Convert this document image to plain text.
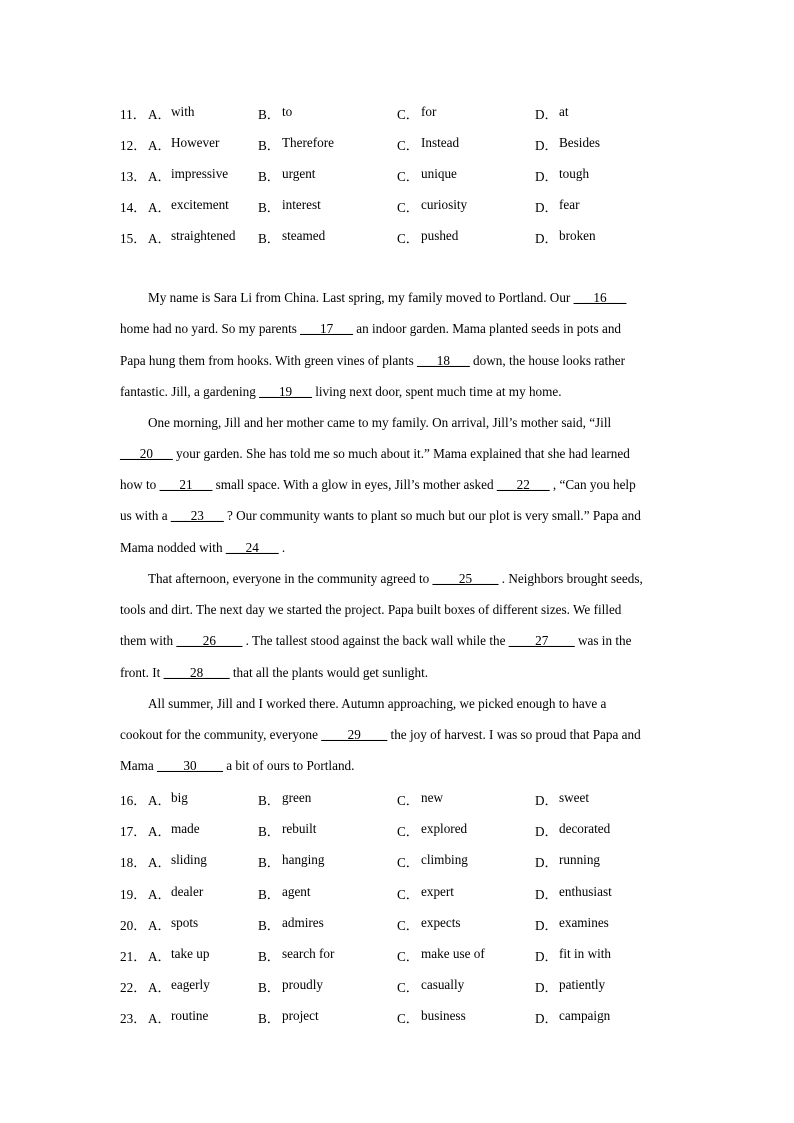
11． A． with	B． to	C． for	D． at
12． A． However	B． Therefore	C． Instead	D． Besides
13． A． impressive B． urgent	C． unique	D． tough
14． A． excitement B． interest	C． curiosity	D． fear
15． A． straightened B． steamed	C． pushed	D． broken
My name is Sara Li from China. Last spring, my family moved to Portland. Our ___16___
home had no yard. So my parents ___17___ an indoor garden. Mama planted seeds in pots and
Papa hung them from hooks. With green vines of plants ___18___ down, the house looks rather
fantastic. Jill, a gardening ___19___ living next door, spent much time at my home.
One morning, Jill and her mother came to my family. On arrival, Jill’s mother said, “Jill
___20___ your garden. She has told me so much about it.” Mama explained that she had learned
how to ___21___ small space. With a glow in eyes, Jill’s mother asked ___22___ , “Can you help
us with a ___23___ ? Our community wants to plant so much but our plot is very small.” Papa and
Mama nodded with ___24___ .
That afternoon, everyone in the community agreed to ____25____ . Neighbors brought seeds,
tools and dirt. The next day we started the project. Papa built boxes of different sizes. We filled
them with ____26____ . The tallest stood against the back wall while the ____27____ was in the
front. It ____28____ that all the plants would get sunlight.
All summer, Jill and I worked there. Autumn approaching, we picked enough to have a
cookout for the community, everyone ____29____ the joy of harvest. I was so proud that Papa and
Mama ____30____ a bit of ours to Portland.
16． A． big	B． green	C． new	D． sweet
17． A． made	B． rebuilt	C． explored	D． decorated
18． A． sliding	B． hanging	C． climbing	D． running
19． A． dealer	B． agent	C． expert	D． enthusiast
20． A． spots	B． admires	C． expects	D． examines
21． A． take up	B． search for	C． make use of	D． fit in with
22． A． eagerly	B． proudly	C． casually	D． patiently
23． A． routine	B． project	C． business	D． campaign
